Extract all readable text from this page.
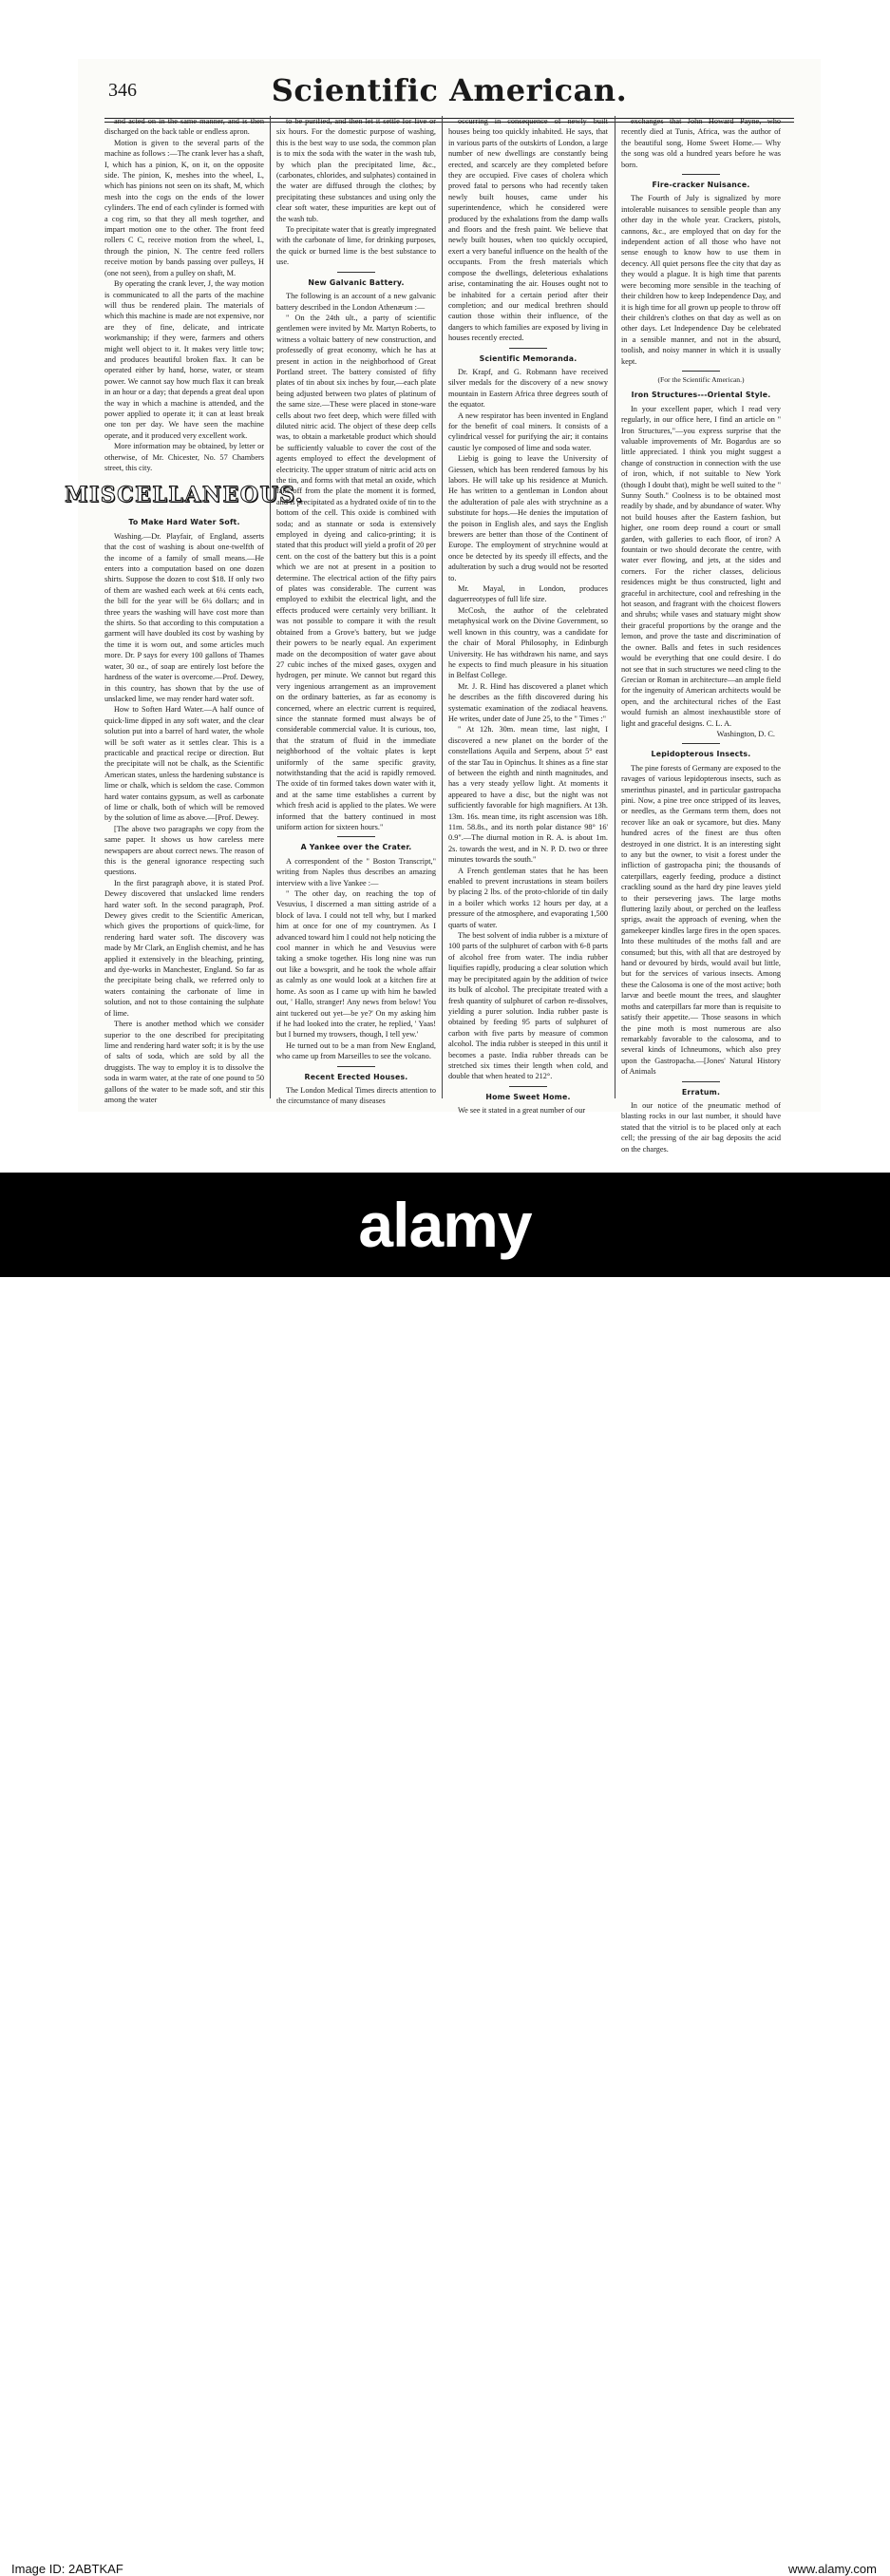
346	Scientific American.

and acted on in the same manner, and is then discharged on the back table or endless apron.

Motion is given to the several parts of the machine as follows :—The crank lever has a shaft, I, which has a pinion, K, on it, on the opposite side. The pinion, K, meshes into the wheel, L, which has pinions not seen on its shaft, M, which mesh into the cogs on the ends of the lower cylinders. The end of each cylinder is formed with a cog rim, so that they all mesh together, and impart motion one to the other. The front feed rollers C C, receive motion from the wheel, L, through the pinion, N. The centre feed rollers receive motion by bands passing over pulleys, H (one not seen), from a pulley on shaft, M.

By operating the crank lever, J, the way motion is communicated to all the parts of the machine will thus be rendered plain. The materials of which this machine is made are not expensive, nor are they of fine, delicate, and intricate workmanship; if they were, farmers and others might well object to it. It makes very little tow; and produces beautiful broken flax. It can be operated either by hand, horse, water, or steam power. We cannot say how much flax it can break in an hour or a day; that depends a great deal upon the way in which a machine is attended, and the power applied to operate it; it can at least break one ton per day. We have seen the machine operate, and it produced very excellent work.

More information may be obtained, by letter or otherwise, of Mr. Chicester, No. 57 Chambers street, this city.

MISCELLANEOUS.
To Make Hard Water Soft.

Washing.—Dr. Playfair, of England, asserts that the cost of washing is about one-twelfth of the income of a family of small means.—He enters into a computation based on one dozen shirts. Suppose the dozen to cost $18. If only two of them are washed each week at 6¼ cents each, the bill for the year will be 6¼ dollars; and in three years the washing will have cost more than the shirts. So that according to this computation a garment will have doubled its cost by washing by the time it is worn out, and some articles much more. Dr. P says for every 100 gallons of Thames water, 30 oz., of soap are entirely lost before the hardness of the water is overcome.—Prof. Dewey, in this country, has shown that by the use of unslacked lime, we may render hard water soft.

How to Soften Hard Water.—A half ounce of quick-lime dipped in any soft water, and the clear solution put into a barrel of hard water, the whole will be soft water as it settles clear. This is a practicable and practical recipe or direction. But the precipitate will not be chalk, as the Scientific American states, unless the hardening substance is lime or chalk, which is seldom the case. Common hard water contains gypsum, as well as carbonate of lime or chalk, both of which will be removed by the solution of lime as above.—[Prof. Dewey.

[The above two paragraphs we copy from the same paper. It shows us how careless mere newspapers are about correct news. The reason of this is the general ignorance respecting such questions.

In the first paragraph above, it is stated Prof. Dewey discovered that unslacked lime renders hard water soft. In the second paragraph, Prof. Dewey gives credit to the Scientific American, which gives the proportions of quick-lime, for rendering hard water soft. The discovery was made by Mr Clark, an English chemist, and he has applied it extensively in the bleaching, printing, and dye-works in Manchester, England. So far as the precipitate being chalk, we referred only to waters containing the carbonate of lime in solution, and not to those containing the sulphate of lime.

There is another method which we consider superior to the one described for precipitating lime and rendering hard water soft; it is by the use of salts of soda, which are sold by all the druggists. The way to employ it is to dissolve the soda in warm water, at the rate of one pound to 50 gallons of the water to be made soft, and stir this among the water

to be purified, and then let it settle for five or six hours. For the domestic purpose of washing, this is the best way to use soda, the common plan is to mix the soda with the water in the wash tub, by which plan the precipitated lime, &c., (carbonates, chlorides, and sulphates) contained in the water are diffused through the clothes; by precipitating these substances and using only the clear soft water, these impurities are kept out of the wash tub.

To precipitate water that is greatly impregnated with the carbonate of lime, for drinking purposes, the quick or burned lime is the best substance to use.

New Galvanic Battery.

The following is an account of a new galvanic battery described in the London Athenæum :—

" On the 24th ult., a party of scientific gentlemen were invited by Mr. Martyn Roberts, to witness a voltaic battery of new construction, and professedly of great economy, which he has at present in action in the neighborhood of Great Portland street. The battery consisted of fifty plates of tin about six inches by four,—each plate being adjusted between two plates of platinum of the same size.—These were placed in stone-ware cells about two feet deep, which were filled with diluted nitric acid. The object of these deep cells was, to obtain a marketable product which should be sufficiently valuable to cover the cost of the agents employed to effect the development of electricity. The upper stratum of nitric acid acts on the tin, and forms with that metal an oxide, which falls off from the plate the moment it is formed, and is precipitated as a hydrated oxide of tin to the bottom of the cell. This oxide is combined with soda; and as stannate or soda is extensively employed in dyeing and calico-printing; it is stated that this product will yield a profit of 20 per cent. on the cost of the battery but this is a point which we are not at present in a position to determine. The electrical action of the fifty pairs of plates was considerable. The current was employed to exhibit the electrical light, and the effects produced were certainly very brilliant. It was not possible to compare it with the result obtained from a Grove's battery, but we judge their powers to be nearly equal. An experiment made on the decomposition of water gave about 27 cubic inches of the mixed gases, oxygen and hydrogen, per minute. We cannot but regard this very ingenious arrangement as an improvement on the ordinary batteries, as far as economy is concerned, where an electric current is required, since the stannate formed must always be of considerable commercial value. It is curious, too, that the stratum of fluid in the immediate neighborhood of the voltaic plates is kept uniformly of the same specific gravity, notwithstanding that the acid is rapidly removed. The oxide of tin formed takes down water with it, and at the same time establishes a current by which fresh acid is applied to the plates. We were informed that the battery continued in most uniform action for sixteen hours."

A Yankee over the Crater.

A correspondent of the " Boston Transcript," writing from Naples thus describes an amazing interview with a live Yankee :—

" The other day, on reaching the top of Vesuvius, I discerned a man sitting astride of a block of lava. I could not tell why, but I marked him at once for one of my countrymen. As I advanced toward him I could not help noticing the cool manner in which he and Vesuvius were taking a smoke together. His long nine was run out like a bowsprit, and he took the whole affair as calmly as one would look at a kitchen fire at home. As soon as I came up with him he bawled out, ' Hallo, stranger! Any news from below! You aint tuckered out yet—be ye?' On my asking him if he had looked into the crater, he replied, ' Yaas! but I burned my trowsers, though, I tell yew.'

He turned out to be a man from New England, who came up from Marseilles to see the volcano.

Recent Erected Houses.

The London Medical Times directs attention to the circumstance of many diseases

occurring in consequence of newly built houses being too quickly inhabited. He says, that in various parts of the outskirts of London, a large number of new dwellings are constantly being erected, and scarcely are they completed before they are occupied. Five cases of cholera which proved fatal to persons who had recently taken newly built houses, came under his superintendence, which he considered were produced by the exhalations from the damp walls and floors and the fresh paint. We believe that newly built houses, when too quickly occupied, exert a very baneful influence on the health of the occupants. From the fresh materials which compose the dwellings, deleterious exhalations arise, contaminating the air. Houses ought not to be inhabited for a certain period after their completion; and our medical brethren should caution those within their influence, of the dangers to which families are exposed by living in houses recently erected.

Scientific Memoranda.

Dr. Krapf, and G. Robmann have received silver medals for the discovery of a new snowy mountain in Eastern Africa three degrees south of the equator.

A new respirator has been invented in England for the benefit of coal miners. It consists of a cylindrical vessel for purifying the air; it contains caustic lye composed of lime and soda water.

Liebig is going to leave the University of Giessen, which has been rendered famous by his labors. He will take up his residence at Munich. He has written to a gentleman in London about the adulteration of pale ales with strychnine as a substitute for hops.—He denies the imputation of the poison in English ales, and says the English brewers are better than those of the Continent of Europe. The employment of strychnine would at once be detected by its speedy ill effects, and the adulteration by such a drug would not be resorted to.

Mr. Mayal, in London, produces daguerreotypes of full life size.

McCosh, the author of the celebrated metaphysical work on the Divine Government, so well known in this country, was a candidate for the chair of Moral Philosophy, in Edinburgh University. He has withdrawn his name, and says he expects to find much pleasure in his situation in Belfast College.

Mr. J. R. Hind has discovered a planet which he describes as the fifth discovered during his systematic examination of the zodiacal heavens. He writes, under date of June 25, to the " Times :"

" At 12h. 30m. mean time, last night, I discovered a new planet on the border of the constellations Aquila and Serpens, about 5° east of the star Tau in Opinchus. It shines as a fine star of between the eighth and ninth magnitudes, and has a very steady yellow light. At moments it appeared to have a disc, but the night was not sufficiently favorable for high magnifiers. At 13h. 13m. 16s. mean time, its right ascension was 18h. 11m. 58.8s., and its north polar distance 98° 16' 0.9".—The diurnal motion in R. A. is about 1m. 2s. towards the west, and in N. P. D. two or three minutes towards the south."

A French gentleman states that he has been enabled to prevent incrustations in steam boilers by placing 2 lbs. of the proto-chloride of tin daily in a boiler which works 12 hours per day, at a pressure of the atmosphere, and evaporating 1,500 quarts of water.

The best solvent of india rubber is a mixture of 100 parts of the sulphuret of carbon with 6-8 parts of alcohol free from water. The india rubber liquifies rapidly, producing a clear solution which may be precipitated again by the addition of twice its bulk of alcohol. The precipitate treated with a fresh quantity of sulphuret of carbon re-dissolves, yielding a purer solution. India rubber paste is obtained by feeding 95 parts of sulphuret of carbon with five parts by measure of common alcohol. The india rubber is steeped in this until it becomes a paste. India rubber threads can be stretched six times their length when cold, and double that when heated to 212°.

Home Sweet Home.

We see it stated in a great number of our

exchanges that John Howard Payne, who recently died at Tunis, Africa, was the author of the beautiful song, Home Sweet Home.— Why the song was old a hundred years before he was born.

Fire-cracker Nuisance.

The Fourth of July is signalized by more intolerable nuisances to sensible people than any other day in the whole year. Crackers, pistols, cannons, &c., are employed that on day for the independent action of all those who have not sense enough to know how to use them in decency. All quiet persons flee the city that day as they would a plague. It is high time that parents were becoming more sensible in the teaching of their children how to keep Independence Day, and it is high time for all grown up people to throw off their children's clothes on that day as well as on other days. Let Independence Day be celebrated in a sensible manner, and not in the absurd, toolish, and noisy manner in which it is usually kept.

(For the Scientific American.)

Iron Structures---Oriental Style.

In your excellent paper, which I read very regularly, in our office here, I find an article on " Iron Structures,"—you express surprise that the valuable improvements of Mr. Bogardus are so little appreciated. I think you might suggest a change of construction in connection with the use of iron, which, if not suitable to New York (though I doubt that), might be well suited to the " Sunny South." Coolness is to be obtained most readily by shade, and by abundance of water. Why not build houses after the Eastern fashion, but higher, one room deep round a court or small garden, with galleries to each floor, of iron? A fountain or two should decorate the centre, with water ever flowing, and jets, at the sides and corners. For the richer classes, delicious residences might be thus constructed, light and graceful in architecture, cool and refreshing in the hot season, and fragrant with the choicest flowers and shrubs; while vases and statuary might show their graceful proportions by the orange and the lemon, and prove the taste and discrimination of the owner. Balls and fetes in such residences would be everything that one could desire. I do not see that in such structures we need cling to the Grecian or Roman in architecture—an ample field for the ingenuity of American architects would be open, and the architectural riches of the East would furnish an almost inexhaustible store of light and graceful designs. C. L. A.

Washington, D. C.

Lepidopterous Insects.

The pine forests of Germany are exposed to the ravages of various lepidopterous insects, such as smerinthus pinastel, and in particular gastropacha pini. Now, a pine tree once stripped of its leaves, or needles, as the Germans term them, does not recover like an oak or sycamore, but dies. Many hundred acres of the finest are thus often destroyed in one district. It is an interesting sight to any but the owner, to visit a forest under the infliction of gastropacha pini; the thousands of caterpillars, eagerly feeding, produce a distinct crackling sound as the hard dry pine leaves yield to their persevering jaws. The large moths fluttering lazily about, or perched on the leafless sprigs, await the approach of evening, when the gamekeeper kindles large fires in the open spaces. Into these multitudes of the moths fall and are consumed; but this, with all that are destroyed by hand or devoured by birds, would avail but little, but for the services of various insects. Among these the Calosoma is one of the most active; both larvæ and beetle mount the trees, and slaughter moths and caterpillars far more than is requisite to satisfy their appetite.— Those seasons in which the pine moth is most numerous are also remarkably favorable to the calosoma, and to several kinds of Ichneumons, which also prey upon the Gastropacha.—[Jones' Natural History of Animals

Erratum.

In our notice of the pneumatic method of blasting rocks in our last number, it should have stated that the vitriol is to be placed only at each cell; the pressing of the air bag deposits the acid on the charges.

alamy
Image ID: 2ABTKAF	www.alamy.com
